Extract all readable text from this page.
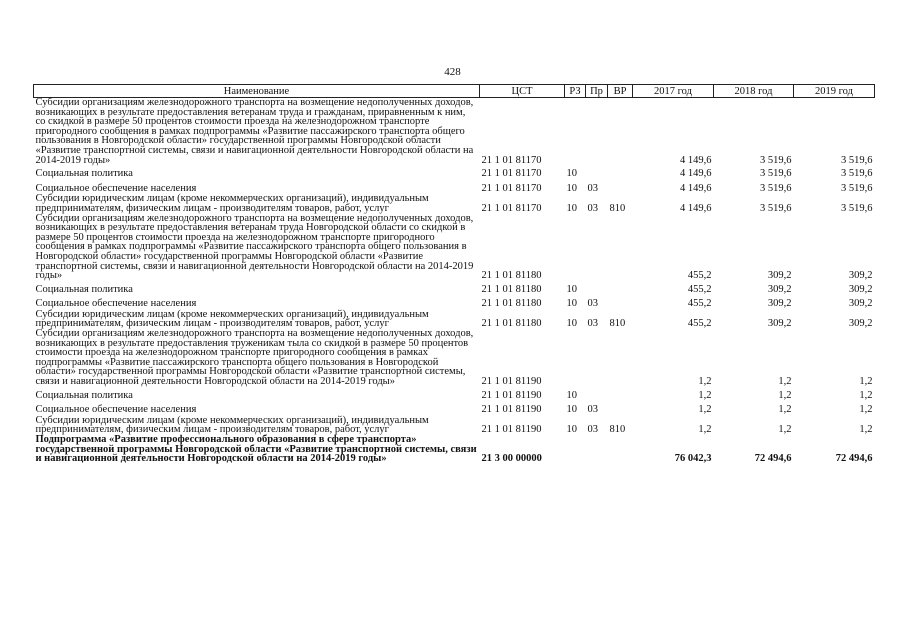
428
Наименование	ЦСТ	РЗ	Пр	ВР	2017 год	2018 год	2019 год
Субсидии организациям железнодорожного транспорта на возмещение недополученных доходов, возникающих в результате предоставления ветеранам труда и гражданам, приравненным к ним, со скидкой в размере 50 процентов стоимости проезда на железнодорожном транспорте пригородного сообщения в рамках подпрограммы «Развитие пассажирского транспорта общего пользования в Новгородской области» государственной программы Новгородской области «Развитие транспортной системы, связи и навигационной деятельности Новгородской области на 2014-2019 годы»	21 1 01 81170				4 149,6	3 519,6	3 519,6
Социальная политика	21 1 01 81170	10			4 149,6	3 519,6	3 519,6
Социальное обеспечение населения	21 1 01 81170	10	03		4 149,6	3 519,6	3 519,6
Субсидии юридическим лицам (кроме некоммерческих организаций), индивидуальным предпринимателям, физическим лицам - производителям товаров, работ, услуг	21 1 01 81170	10	03	810	4 149,6	3 519,6	3 519,6
Субсидии организациям железнодорожного транспорта на возмещение недополученных доходов, возникающих в результате предоставления ветеранам труда Новгородской области со скидкой в размере 50 процентов стоимости проезда на железнодорожном транспорте пригородного сообщения в рамках подпрограммы «Развитие пассажирского транспорта общего пользования в Новгородской области» государственной программы Новгородской области «Развитие транспортной системы, связи и навигационной деятельности Новгородской области на 2014-2019 годы»	21 1 01 81180				455,2	309,2	309,2
Социальная политика	21 1 01 81180	10			455,2	309,2	309,2
Социальное обеспечение населения	21 1 01 81180	10	03		455,2	309,2	309,2
Субсидии юридическим лицам (кроме некоммерческих организаций), индивидуальным предпринимателям, физическим лицам - производителям товаров, работ, услуг	21 1 01 81180	10	03	810	455,2	309,2	309,2
Субсидии организациям железнодорожного транспорта на возмещение недополученных доходов, возникающих в результате предоставления труженикам тыла со скидкой в размере 50 процентов стоимости проезда на железнодорожном транспорте пригородного сообщения в рамках подпрограммы «Развитие пассажирского транспорта общего пользования в Новгородской области» государственной программы Новгородской области «Развитие транспортной системы, связи и навигационной деятельности Новгородской области на 2014-2019 годы»	21 1 01 81190				1,2	1,2	1,2
Социальная политика	21 1 01 81190	10			1,2	1,2	1,2
Социальное обеспечение населения	21 1 01 81190	10	03		1,2	1,2	1,2
Субсидии юридическим лицам (кроме некоммерческих организаций), индивидуальным предпринимателям, физическим лицам - производителям товаров, работ, услуг	21 1 01 81190	10	03	810	1,2	1,2	1,2
Подпрограмма «Развитие профессионального образования в сфере транспорта» государственной программы Новгородской области «Развитие транспортной системы, связи и навигационной деятельности Новгородской области на 2014-2019 годы»	21 3 00 00000				76 042,3	72 494,6	72 494,6
